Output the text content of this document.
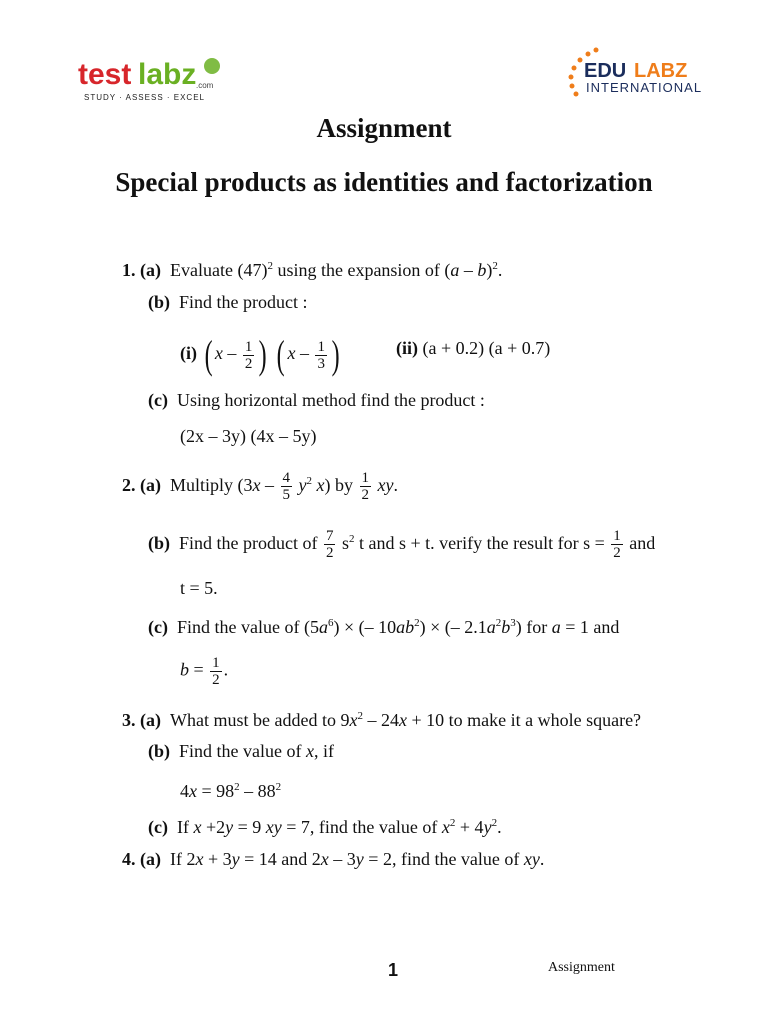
test labz .com
STUDY · ASSESS · EXCEL
EDU LABZ
INTERNATIONAL
Assignment
Special products as identities and factorization
1. (a)  Evaluate $(47)^2$ using the expansion of (a – b)$^2$.
(b) Find the product :
(i) ( x – $\frac{1}{2}$ ) ( x – $\frac{1}{3}$ )	(ii) (a + 0.2) (a + 0.7)
(c) Using horizontal method find the product :
(2x – 3y) (4x – 5y)
2. (a)  Multiply ($3x - \frac{4}{5} y^2$ x) by $\frac{1}{2}$ xy.
(b)  Find the product of $\frac{7}{2} s^2$ t and s + t. verify the result for $s = \frac{1}{2}$ and
t = 5.
(c)  Find the value of $(5a^6)$ × (– $10ab^2$) × (– $2.1a^2b^3$) for a = 1 and
$b = \frac{1}{2}$ .
3. (a)  What must be added to $9x^2 - 24x + 10$ to make it a whole square?
(b)  Find the value of x, if
$4x = 98^2 - 88^2$
(c)  If x +2y = 9 xy = 7, find the value of $x^2 + 4y^2$.
4. (a)  If 2x + 3y = 14 and 2x – 3y = 2, find the value of xy.
1	Assignment
